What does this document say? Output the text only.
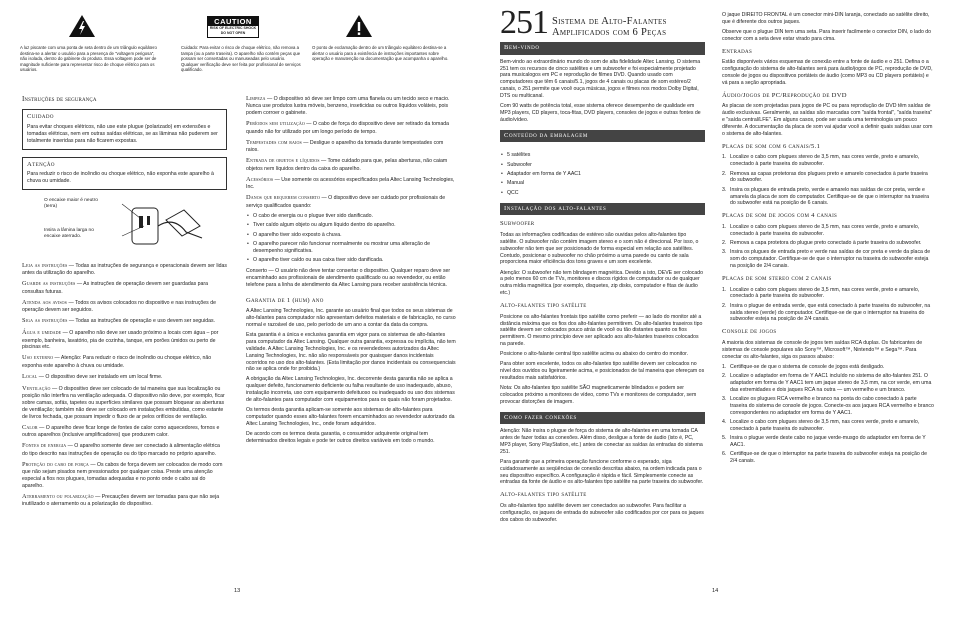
CAUTION
RISK OF ELECTRIC SHOCK
DO NOT OPEN
A luz piscante com uma ponta de seta dentro de um triângulo equilátero destina-se a alertar o usuário para a presença de "voltagem perigosa", não isolada, dentro do gabinete do produto. Essa voltagem pode ser de magnitude suficiente para representar risco de choque elétrico para os usuários.
Cuidado: Para evitar o risco de choque elétrico, não remova a tampa (ou a parte traseira). O aparelho não contém peças que possam ser consertadas ou manuseadas pelo usuário. Qualquer verificação deve ser feita por profissional de serviços qualificado.
O ponto de exclamação dentro de um triângulo equilátero destina-se a alertar o usuário para a existência de instruções importantes sobre operação e manutenção na documentação que acompanha o aparelho.
Instruções de segurança
Cuidado
Para evitar choques elétricos, não use este plugue (polarizado) em extensões e tomadas elétricas, nem em outras saídas elétricas, se as lâminas não puderem ser totalmente inseridas para não ficarem expostas.
Atenção
Para reduzir o risco de incêndio ou choque elétrico, não exponha este aparelho à chuva ou umidade.
O encaixe maior é neutro (terra)
Insira a lâmina larga no encaixe aterrado.

Leia as instruções — Todas as instruções de segurança e operacionais devem ser lidas antes da utilização do aparelho.

Guarde as instruções — As instruções de operação devem ser guardadas para consultas futuras.

Atenda aos avisos — Todos os avisos colocados no dispositivo e nas instruções de operação devem ser seguidos.

Siga as instruções — Todas as instruções de operação e uso devem ser seguidas.

Água e umidade — O aparelho não deve ser usado próximo a locais com água – por exemplo, banheira, lavatório, pia de cozinha, tanque, em porões úmidos ou perto de piscinas etc.

Uso externo — Atenção: Para reduzir o risco de incêndio ou choque elétrico, não exponha este aparelho à chuva ou umidade.

Local — O dispositivo deve ser instalado em um local firme.

Ventilação — O dispositivo deve ser colocado de tal maneira que sua localização ou posição não interfira na ventilação adequada. O dispositivo não deve, por exemplo, ficar sobre camas, sofás, tapetes ou superfícies similares que possam bloquear as aberturas de ventilação; também não deve ser colocado em instalações embutidas, como estante de livros fechada, que possam impedir o fluxo de ar pelos orifícios de ventilação.

Calor — O aparelho deve ficar longe de fontes de calor como aquecedores, fornos e outros aparelhos (inclusive amplificadores) que produzem calor.

Fontes de energia — O aparelho somente deve ser conectado à alimentação elétrica do tipo descrito nas instruções de operação ou do tipo marcado no próprio aparelho.

Proteção do cabo de força — Os cabos de força devem ser colocados de modo com que não sejam pisados nem pressionados por qualquer coisa. Preste uma atenção especial a fios nos plugues, tomadas adequadas e no ponto onde o cabo sai do aparelho.

Aterramento ou polarização — Precauções devem ser tomadas para que não seja inutilizado o aterramento ou a polarização do dispositivo.

Limpeza — O dispositivo só deve ser limpo com uma flanela ou um tecido seco e macio. Nunca use produtos lustra móveis, benzeno, inseticidas ou outros líquidos voláteis, pois podem corroer o gabinete.

Períodos sem utilização — O cabo de força do dispositivo deve ser retirado da tomada quando não for utilizado por um longo período de tempo.

Tempestades com raios — Desligue o aparelho da tomada durante tempestades com raios.

Entrada de objetos e líquidos — Tome cuidado para que, pelas aberturas, não caiam objetos nem líquidos dentro da caixa do aparelho.

Acessórios — Use somente os acessórios especificados pela Altec Lansing Technologies, Inc.

Danos que requerem conserto — O dispositivo deve ser cuidado por profissionais de serviço qualificados quando:

• O cabo de energia ou o plugue tiver sido danificado.
• Tiver caído algum objeto ou algum líquido dentro do aparelho.
• O aparelho tiver sido exposto à chuva.
• O aparelho parecer não funcionar normalmente ou mostrar uma alteração de desempenho significativa.
• O aparelho tiver caído ou sua caixa tiver sido danificada.

Conserto — O usuário não deve tentar consertar o dispositivo. Qualquer reparo deve ser encaminhado aos profissionais de atendimento qualificado ou ao revendedor, ou então telefone para a linha de atendimento da Altec Lansing para receber assistência técnica.

Garantia de 1 (hum) ano

A Altec Lansing Technologies, Inc. garante ao usuário final que todos os seus sistemas de alto-falantes para computador não apresentam defeitos materiais e de fabricação, no curso normal e razoável de uso, pelo período de um ano a contar da data da compra.

Esta garantia é a única e exclusiva garantia em vigor para os sistemas de alto-falantes para computador da Altec Lansing. Qualquer outra garantia, expressa ou implícita, não tem validade. A Altec Lansing Technologies, Inc. e os revendedores autorizados da Altec Lansing Technologies, Inc. não são responsáveis por quaisquer danos incidentais ocorridos no uso dos alto-falantes. (Esta limitação por danos incidentais ou consequenciais não se aplica onde for proibida.)

A obrigação da Altec Lansing Technologies, Inc. decorrente desta garantia não se aplica a qualquer defeito, funcionamento deficiente ou falha resultante de uso inadequado, abuso, instalação incorreta, uso com equipamento defeituoso ou inadequado ou uso dos sistemas de alto-falantes para computador com equipamentos para os quais não foram projetados.

Os termos desta garantia aplicam-se somente aos sistemas de alto-falantes para computador quando esses alto-falantes forem encaminhados ao revendedor autorizado da Altec Lansing Technologies, Inc., onde foram adquiridos.

De acordo com os termos desta garantia, o consumidor adquirente original tem determinados direitos legais e pode ter outros direitos variáveis em todo o mundo.

13
251 Sistema de Alto-Falantes
Amplificados com 6 Peças
Bem-vindo

Bem-vindo ao extraordinário mundo do som de alta fidelidade Altec Lansing. O sistema 251 tem os recursos de cinco satélites e um subwoofer e foi especialmente projetado para musicalogos em PC e reprodução de filmes DVD. Quando usado com computadores que têm 6 canais/5.1, jogos de 4 canais ou placas de som estéreo/2 canais, o 251 permite que você ouça músicas, jogos e filmes nos modos Dolby Digital, DTS ou multicanal.

Com 90 watts de potência total, esse sistema oferece desempenho de qualidade em MP3 players, CD players, toca-fitas, DVD players, consoles de jogos e outras fontes de áudio/vídeo.

Conteúdo da embalagem
• 5 satélites
• Subwoofer
• Adaptador em forma de Y AAC1
• Manual
• QCC
Instalação dos alto-falantes
Subwoofer

Todas as informações codificadas de estéreo são ouvidas pelos alto-falantes tipo satélite. O subwoofer não contém imagem stereo e o som não é direcional. Por isso, o subwoofer não tem que ser posicionado de forma especial em relação aos satélites. Contudo, posicionar o subwoofer no chão próximo a uma parede ou canto de sala proporciona maior eficiência dos tons graves e um som excelente.

Atenção: O subwoofer não tem blindagem magnética. Devido a isto, DEVE ser colocado a pelo menos 60 cm de TVs, monitores e discos rígidos de computador ou de qualquer outra mídia magnética (por exemplo, disquetes, zip disks, computador e fitas de áudio etc.)

Alto-falantes tipo satélite

Posicione os alto-falantes frontais tipo satélite como preferir — ao lado do monitor até a distância máxima que os fios dos alto-falantes permitirem. Os alto-falantes traseiros tipo satélite devem ser colocados pouco atrás de você ou tão distantes quanto os fios permitirem. O mesmo princípio deve ser aplicado aos alto-falantes traseiros colocados na parede.

Posicione o alto-falante central tipo satélite acima ou abaixo do centro do monitor.

Para obter som excelente, todos os alto-falantes tipo satélite devem ser colocados no nível dos ouvidos ou ligeiramente acima, e posicionados de tal maneira que ofereçam os resultados mais satisfatórios.

Nota: Os alto-falantes tipo satélite SÃO magneticamente blindados e podem ser colocados próximo a monitores de vídeo, como TVs e monitores de computador, sem provocar distorções de imagem.

Como fazer conexões

Atenção: Não insira o plugue de força do sistema de alto-falantes em uma tomada CA antes de fazer todas as conexões. Além disso, desligue a fonte de áudio (isto é, PC, MP3 player, Sony PlayStation, etc.) antes de conectar as saídas às entradas do sistema 251.

Para garantir que a primeira operação funcione conforme o esperado, siga cuidadosamente as seqüências de conexão descritas abaixo, na ordem indicada para o seu dispositivo específico. A configuração é rápida e fácil. Simplesmente conecte as entradas da fonte de áudio e os alto-falantes tipo satélite na parte traseira do subwoofer.

Alto-falantes tipo satélite

Os alto-falantes tipo satélite devem ser conectados ao subwoofer. Para facilitar a configuração, os jaques de entrada do subwoofer são codificados por cor para os jaques dos cabos do subwoofer.

O jaque DIREITO FRONTAL é um conector mini-DIN laranja, conectado ao satélite direito, que é diferente dos outros jaques.

Observe que o plugue DIN tem uma seta. Para inserir facilmente o conector DIN, o lado do conector com a seta deve estar virado para cima.

Entradas

Estão disponíveis vários esquemas de conexão entre a fonte de áudio e o 251. Defina o a configuração do sistema de alto-falantes será para áudio/jogos de PC, reprodução de DVD, console de jogos ou dispositivos portáteis de áudio (como MP3 ou CD players portáteis) e vá para a seção apropriada.

Áudio/Jogos de PC/Reprodução de DVD

As placas de som projetadas para jogos de PC ou para reprodução de DVD têm saídas de áudio exclusivas. Geralmente, as saídas são marcadas com "saída frontal", "saída traseira" e "saída central/LFE". Em alguns casos, pode ser usada uma terminologia um pouco diferente. A documentação da placa de som vai ajudar você a definir quais saídas usar com o sistema de alto-falantes.

Placas de som com 6 canais/5.1
1. Localize o cabo com plugues stereo de 3,5 mm, nas cores verde, preto e amarelo, conectado à parte traseira do subwoofer.
2. Remova as capas protetoras dos plugues preto e amarelo conectados à parte traseira do subwoofer.
3. Insira os plugues de entrada preto, verde e amarelo nas saídas de cor preta, verde e amarela da placa de som do computador. Certifique-se de que o interruptor na traseira do subwoofer está na posição de 6 canais.
Placas de som de jogos com 4 canais
1. Localize o cabo com plugues stereo de 3,5 mm, nas cores verde, preto e amarelo, conectado à parte traseira do subwoofer.
2. Remova a capa protetora do plugue preto conectado à parte traseira do subwoofer.
3. Insira os plugues de entrada preto e verde nas saídas de cor preta e verde da placa de som do computador. Certifique-se de que o interruptor na traseira do subwoofer esteja na posição de 2/4 canais.
Placas de som stereo com 2 canais
1. Localize o cabo com plugues stereo de 3,5 mm, nas cores verde, preto e amarelo, conectado à parte traseira do subwoofer.
2. Insira o plugue de entrada verde, que está conectado à parte traseira do subwoofer, na saída stereo (verde) do computador. Certifique-se de que o interruptor na traseira do subwoofer esteja na posição de 2/4 canais.
Console de jogos

A maioria dos sistemas de console de jogos tem saídas RCA duplas. Os fabricantes de sistemas de console populares são Sony™, Microsoft™, Nintendo™ e Sega™. Para conectar os alto-falantes, siga os passos abaixo:

1. Certifique-se de que o sistema de console de jogos está desligado.
2. Localize o adaptador em forma de Y AAC1 incluído no sistema de alto-falantes 251. O adaptador em forma de Y AAC1 tem um jaque stereo de 3,5 mm, na cor verde, em uma das extremidades e dois jaques RCA na outra — um vermelho e um branco.
3. Localize os plugues RCA vermelho e branco na ponta do cabo conectado à parte traseira do sistema de console de jogos. Conecte-os aos jaques RCA vermelho e branco correspondentes no adaptador em forma de Y AAC1.
4. Localize o cabo com plugues stereo de 3,5 mm, nas cores verde, preto e amarelo, conectado à parte traseira do subwoofer.
5. Insira o plugue verde deste cabo no jaque verde-musgo do adaptador em forma de Y AAC1.
6. Certifique-se de que o interruptor na parte traseira do subwoofer esteja na posição de 2/4 canais.
14
